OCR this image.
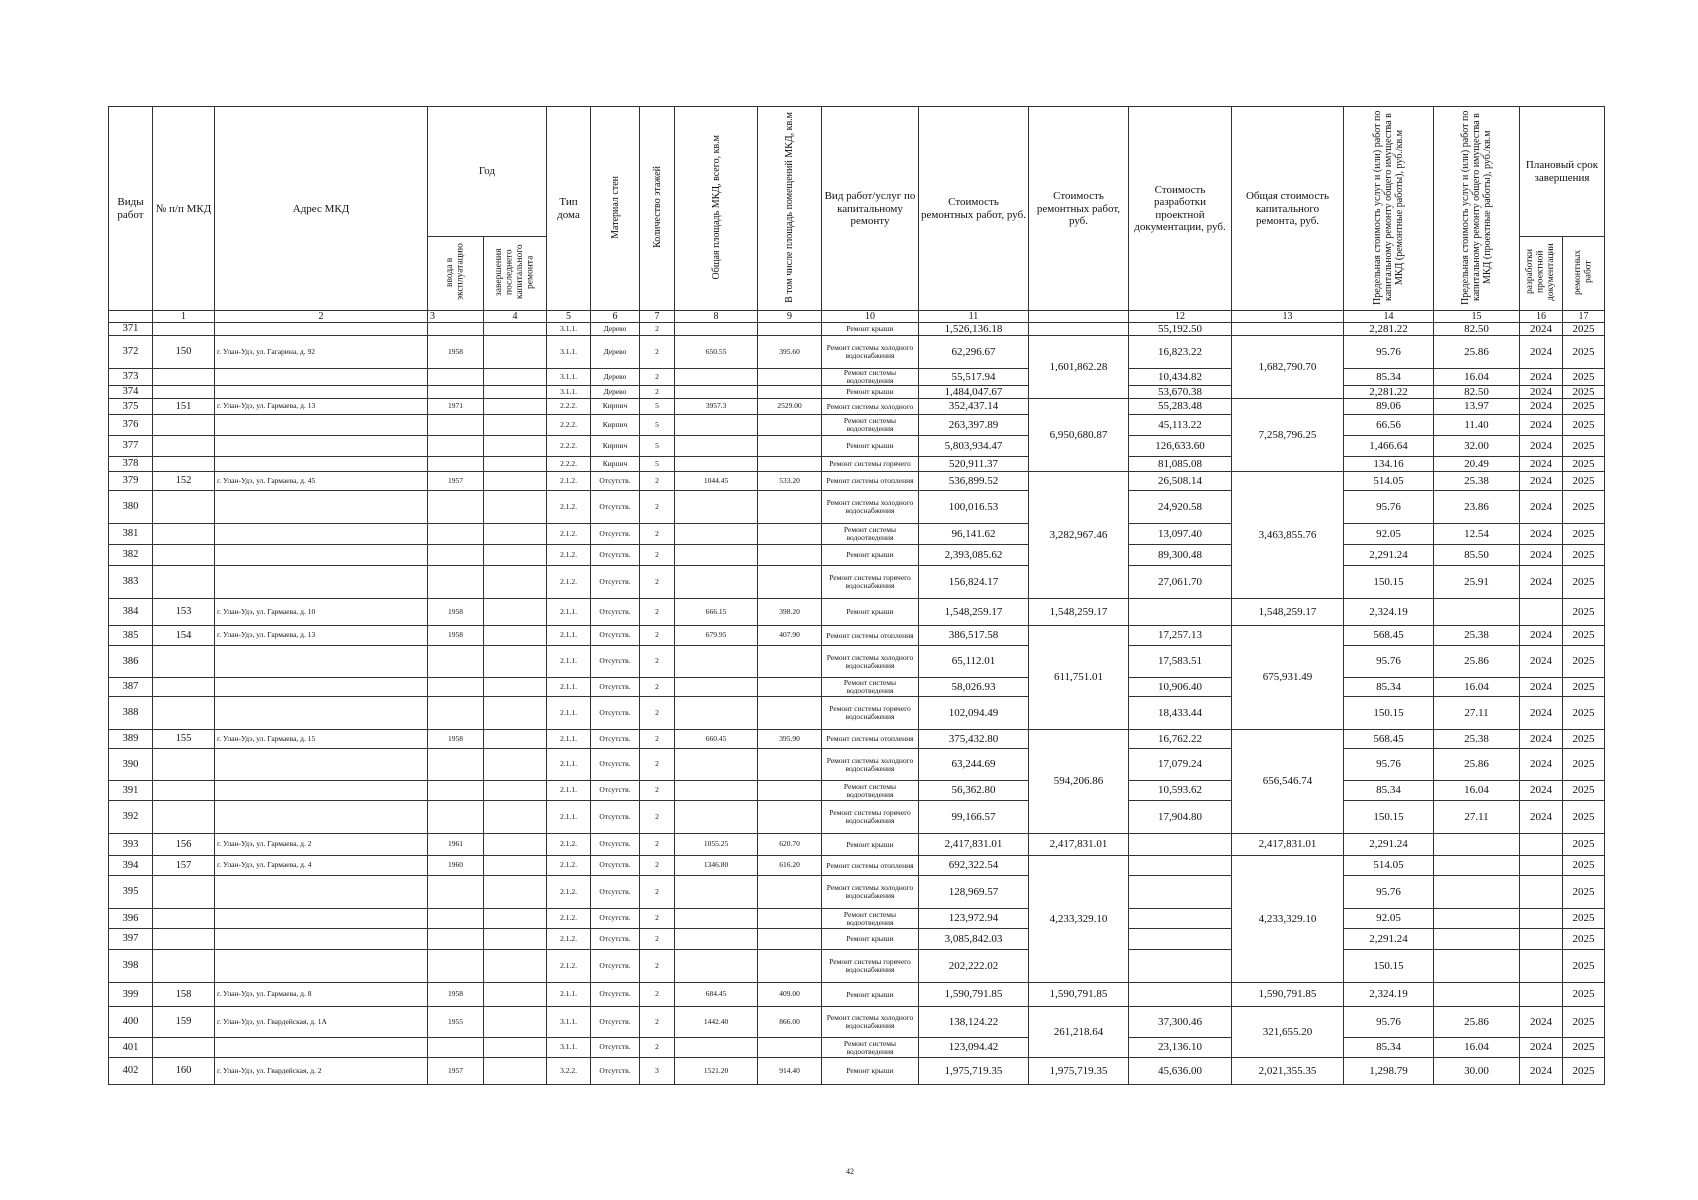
Виды работ	№ п/п МКД	Адрес МКД	Год		Тип дома	Материал стен	Количество этажей	Общая площадь МКД, всего, кв.м	В том числе площадь помещений МКД, кв.м	Вид работ/услуг по капитальному ремонту	Стоимость ремонтных работ, руб.	Стоимость ремонтных работ, руб.	Стоимость разработки проектной документации, руб.	Общая стоимость капитального ремонта, руб.	Предельная стоимость услуг и (или) работ по капитальному ремонту общего имущества в МКД (ремонтные работы), руб./кв.м	Предельная стоимость услуг и (или) работ по капитальному ремонту общего имущества в МКД (проектные работы), руб./кв.м	Плановый срок завершения	
			ввода в эксплуатацию	завершения последнего капитального ремонта													разработки проектной документации	ремонтных работ
	1	2	3	4	5	6	7	8	9	10	11		12	13	14	15	16	17
371					3.1.1.	Дерево	2			Ремонт крыши	1,526,136.18		55,192.50		2,281.22	82.50	2024	2025
372	150	г. Улан-Удэ, ул. Гагарина, д. 92	1958		3.1.1.	Дерево	2	650.55	395.60	Ремонт системы холодного водоснабжения	62,296.67	1,601,862.28	16,823.22	1,682,790.70	95.76	25.86	2024	2025
373					3.1.1.	Дерево	2			Ремонт системы водоотведения	55,517.94		10,434.82		85.34	16.04	2024	2025
374					3.1.1.	Дерево	2			Ремонт крыши	1,484,047.67		53,670.38		2,281.22	82.50	2024	2025
375	151	г. Улан-Удэ, ул. Гармаева, д. 13	1971		2.2.2.	Кирпич	5	3957.3	2529.00	Ремонт системы холодного	352,437.14	6,950,680.87	55,283.48	7,258,796.25	89.06	13.97	2024	2025
376					2.2.2.	Кирпич	5			Ремонт системы водоотведения	263,397.89		45,113.22		66.56	11.40	2024	2025
377					2.2.2.	Кирпич	5			Ремонт крыши	5,803,934.47		126,633.60		1,466.64	32.00	2024	2025
378					2.2.2.	Кирпич	5			Ремонт системы горячего	520,911.37		81,085.08		134.16	20.49	2024	2025
379	152	г. Улан-Удэ, ул. Гармаева, д. 45	1957		2.1.2.	Отсутств.	2	1044.45	533.20	Ремонт системы отопления	536,899.52	3,282,967.46	26,508.14	3,463,855.76	514.05	25.38	2024	2025
380					2.1.2.	Отсутств.	2			Ремонт системы холодного водоснабжения	100,016.53		24,920.58		95.76	23.86	2024	2025
381					2.1.2.	Отсутств.	2			Ремонт системы водоотведения	96,141.62		13,097.40		92.05	12.54	2024	2025
382					2.1.2.	Отсутств.	2			Ремонт крыши	2,393,085.62		89,300.48		2,291.24	85.50	2024	2025
383					2.1.2.	Отсутств.	2			Ремонт системы горячего водоснабжения	156,824.17		27,061.70		150.15	25.91	2024	2025
384	153	г. Улан-Удэ, ул. Гармаева, д. 10	1958		2.1.1.	Отсутств.	2	666.15	398.20	Ремонт крыши	1,548,259.17	1,548,259.17		1,548,259.17	2,324.19			2025
385	154	г. Улан-Удэ, ул. Гармаева, д. 13	1958		2.1.1.	Отсутств.	2	679.95	407.90	Ремонт системы отопления	386,517.58	611,751.01	17,257.13	675,931.49	568.45	25.38	2024	2025
386					2.1.1.	Отсутств.	2			Ремонт системы холодного водоснабжения	65,112.01		17,583.51		95.76	25.86	2024	2025
387					2.1.1.	Отсутств.	2			Ремонт системы водоотведения	58,026.93		10,906.40		85.34	16.04	2024	2025
388					2.1.1.	Отсутств.	2			Ремонт системы горячего водоснабжения	102,094.49		18,433.44		150.15	27.11	2024	2025
389	155	г. Улан-Удэ, ул. Гармаева, д. 15	1958		2.1.1.	Отсутств.	2	660.45	395.90	Ремонт системы отопления	375,432.80	594,206.86	16,762.22	656,546.74	568.45	25.38	2024	2025
390					2.1.1.	Отсутств.	2			Ремонт системы холодного водоснабжения	63,244.69		17,079.24		95.76	25.86	2024	2025
391					2.1.1.	Отсутств.	2			Ремонт системы водоотведения	56,362.80		10,593.62		85.34	16.04	2024	2025
392					2.1.1.	Отсутств.	2			Ремонт системы горячего водоснабжения	99,166.57		17,904.80		150.15	27.11	2024	2025
393	156	г. Улан-Удэ, ул. Гармаева, д. 2	1961		2.1.2.	Отсутств.	2	1055.25	620.70	Ремонт крыши	2,417,831.01	2,417,831.01		2,417,831.01	2,291.24			2025
394	157	г. Улан-Удэ, ул. Гармаева, д. 4	1960		2.1.2.	Отсутств.	2	1346.80	616.20	Ремонт системы отопления	692,322.54	4,233,329.10		4,233,329.10	514.05			2025
395					2.1.2.	Отсутств.	2			Ремонт системы холодного водоснабжения	128,969.57				95.76			2025
396					2.1.2.	Отсутств.	2			Ремонт системы водоотведения	123,972.94				92.05			2025
397					2.1.2.	Отсутств.	2			Ремонт крыши	3,085,842.03				2,291.24			2025
398					2.1.2.	Отсутств.	2			Ремонт системы горячего водоснабжения	202,222.02				150.15			2025
399	158	г. Улан-Удэ, ул. Гармаева, д. 8	1958		2.1.1.	Отсутств.	2	684.45	409.00	Ремонт крыши	1,590,791.85	1,590,791.85		1,590,791.85	2,324.19			2025
400	159	г. Улан-Удэ, ул. Гвардейская, д. 1А	1955		3.1.1.	Отсутств.	2	1442.40	866.00	Ремонт системы холодного водоснабжения	138,124.22	261,218.64	37,300.46	321,655.20	95.76	25.86	2024	2025
401					3.1.1.	Отсутств.	2			Ремонт системы водоотведения	123,094.42		23,136.10		85.34	16.04	2024	2025
402	160	г. Улан-Удэ, ул. Гвардейская, д. 2	1957		3.2.2.	Отсутств.	3	1521.20	914.40	Ремонт крыши	1,975,719.35	1,975,719.35	45,636.00	2,021,355.35	1,298.79	30.00	2024	2025
42
